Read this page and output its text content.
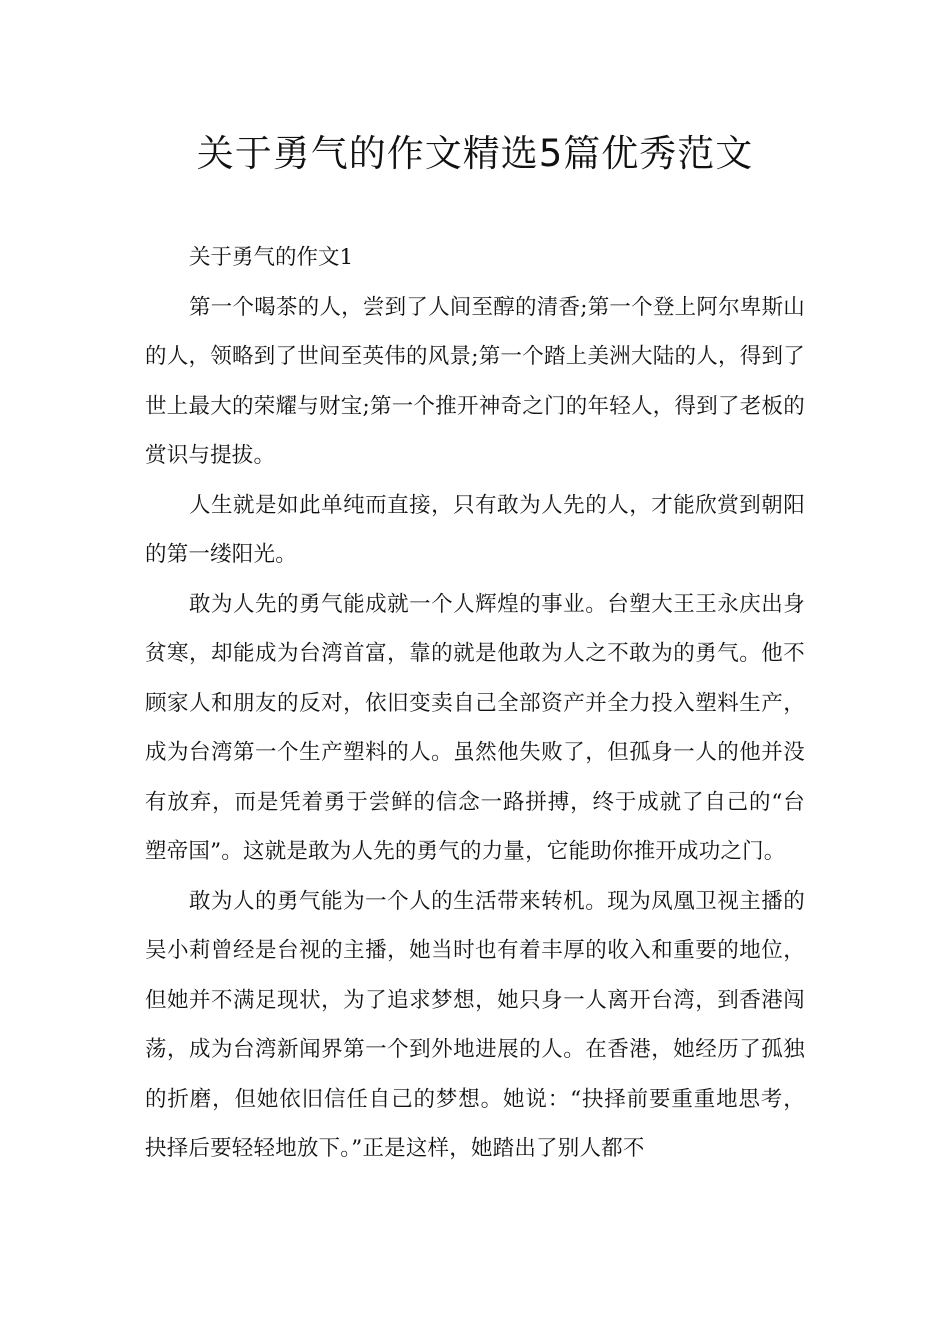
关于勇气的作文精选5篇优秀范文

关于勇气的作文1

第一个喝茶的人，尝到了人间至醇的清香;第一个登上阿尔卑斯山的人，领略到了世间至英伟的风景;第一个踏上美洲大陆的人，得到了世上最大的荣耀与财宝;第一个推开神奇之门的年轻人，得到了老板的赏识与提拔。

人生就是如此单纯而直接，只有敢为人先的人，才能欣赏到朝阳的第一缕阳光。

敢为人先的勇气能成就一个人辉煌的事业。台塑大王王永庆出身贫寒，却能成为台湾首富，靠的就是他敢为人之不敢为的勇气。他不顾家人和朋友的反对，依旧变卖自己全部资产并全力投入塑料生产，成为台湾第一个生产塑料的人。虽然他失败了，但孤身一人的他并没有放弃，而是凭着勇于尝鲜的信念一路拼搏，终于成就了自己的“台塑帝国”。这就是敢为人先的勇气的力量，它能助你推开成功之门。

敢为人的勇气能为一个人的生活带来转机。现为凤凰卫视主播的吴小莉曾经是台视的主播，她当时也有着丰厚的收入和重要的地位，但她并不满足现状，为了追求梦想，她只身一人离开台湾，到香港闯荡，成为台湾新闻界第一个到外地进展的人。在香港，她经历了孤独的折磨，但她依旧信任自己的梦想。她说：“抉择前要重重地思考，抉择后要轻轻地放下。”正是这样，她踏出了别人都不
